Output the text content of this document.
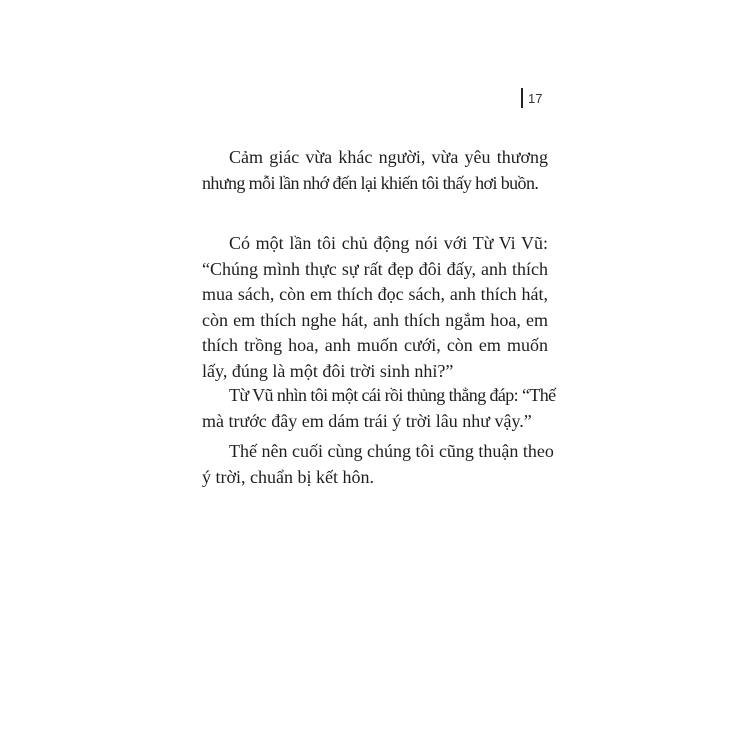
17

Cảm giác vừa khác người, vừa yêu thương
nhưng mỗi lần nhớ đến lại khiến tôi thấy hơi buồn.

Có một lần tôi chủ động nói với Từ Vi Vũ:
“Chúng mình thực sự rất đẹp đôi đấy, anh thích
mua sách, còn em thích đọc sách, anh thích hát,
còn em thích nghe hát, anh thích ngắm hoa, em
thích trồng hoa, anh muốn cưới, còn em muốn
lấy, đúng là một đôi trời sinh nhỉ?”

Từ Vũ nhìn tôi một cái rồi thủng thẳng đáp: “Thế
mà trước đây em dám trái ý trời lâu như vậy.”

Thế nên cuối cùng chúng tôi cũng thuận theo
ý trời, chuẩn bị kết hôn.
